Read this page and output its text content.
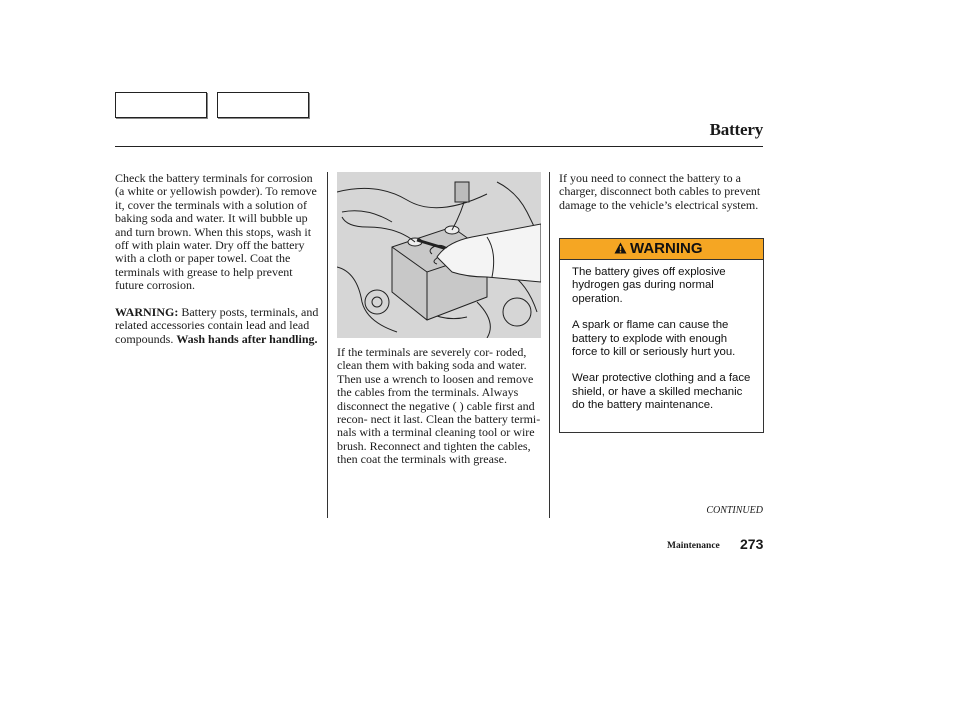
Battery

Check the battery terminals for corrosion (a white or yellowish powder). To remove it, cover the terminals with a solution of baking soda and water. It will bubble up and turn brown. When this stops, wash it off with plain water. Dry off the battery with a cloth or paper towel. Coat the terminals with grease to help prevent future corrosion.

WARNING: Battery posts, terminals, and related accessories contain lead and lead compounds. Wash hands after handling.

If the terminals are severely cor- roded, clean them with baking soda and water. Then use a wrench to loosen and remove the cables from the terminals. Always disconnect the negative ( ) cable first and recon- nect it last. Clean the battery termi- nals with a terminal cleaning tool or wire brush. Reconnect and tighten the cables, then coat the terminals with grease.

If you need to connect the battery to a charger, disconnect both cables to prevent damage to the vehicle’s electrical system.

WARNING

The battery gives off explosive hydrogen gas during normal operation.

A spark or flame can cause the battery to explode with enough force to kill or seriously hurt you.

Wear protective clothing and a face shield, or have a skilled mechanic do the battery maintenance.

CONTINUED
Maintenance 273
